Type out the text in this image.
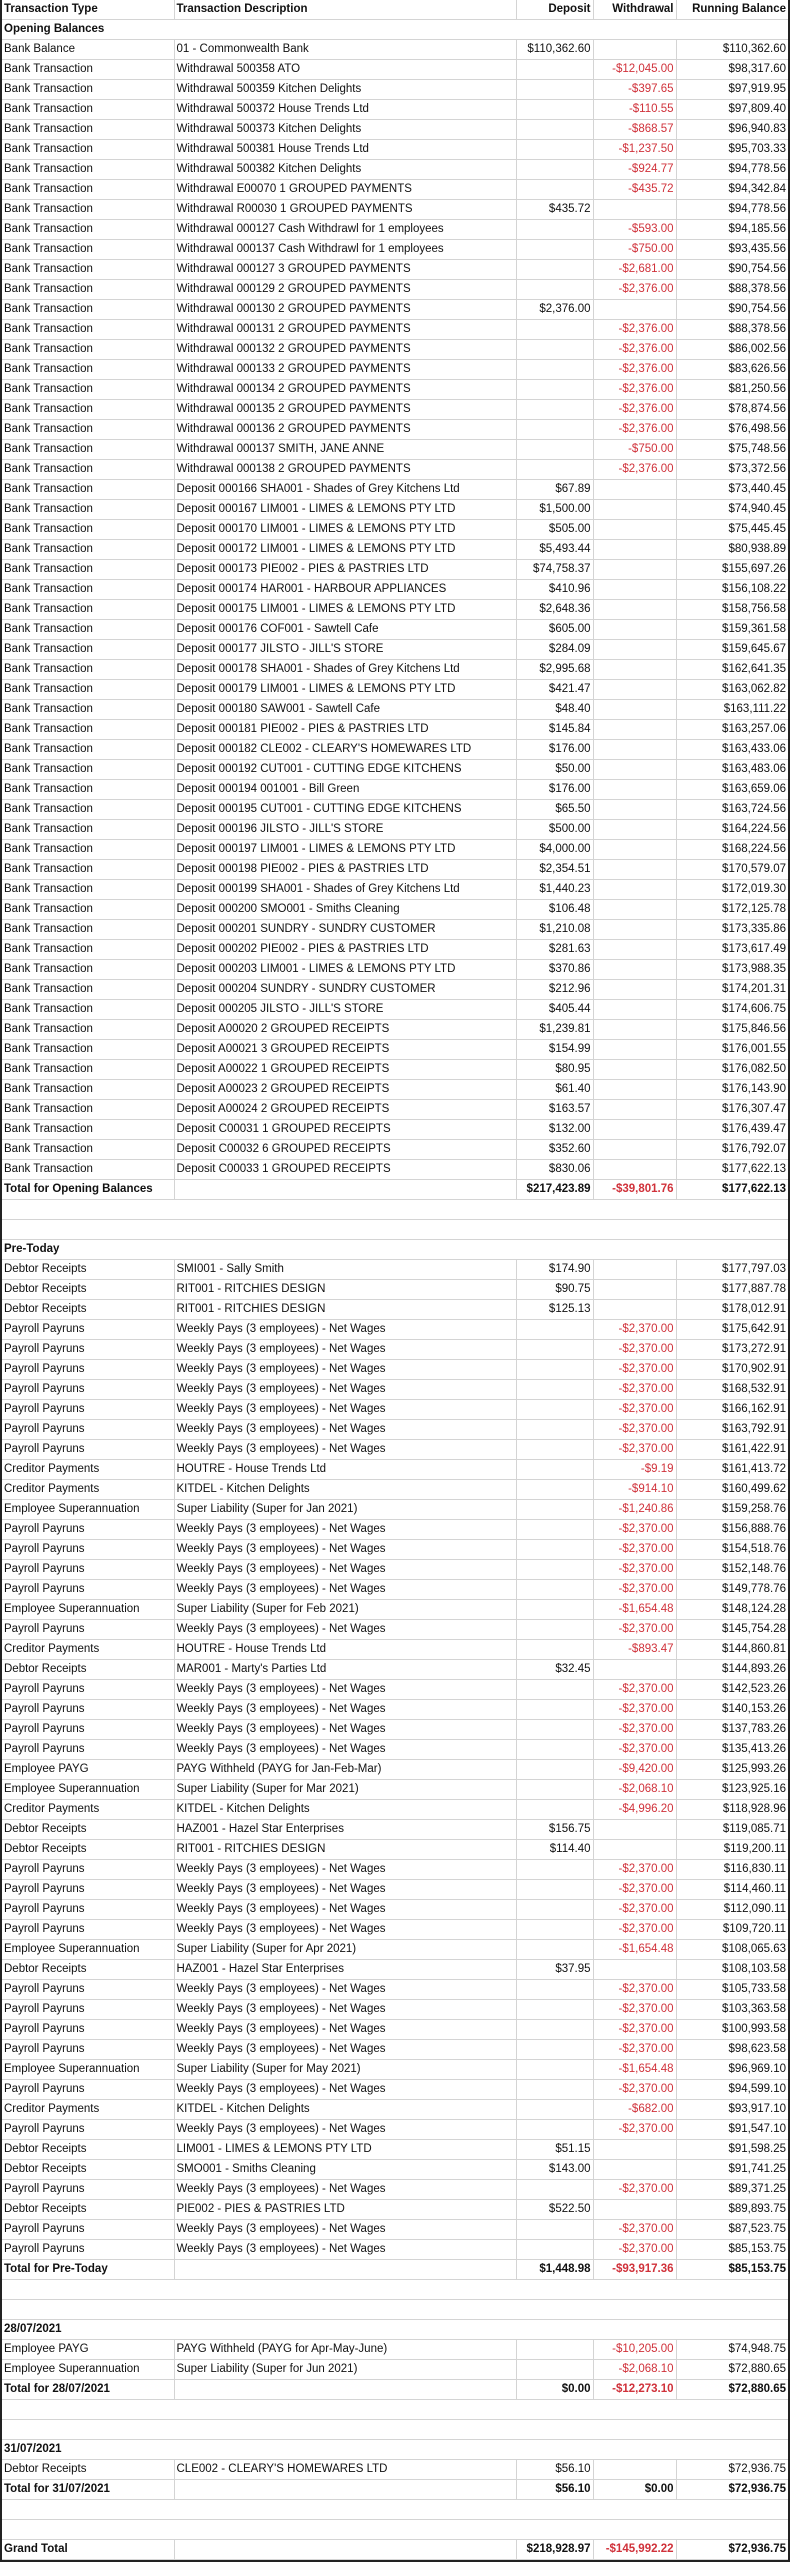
Transaction Type	Transaction Description	Deposit	Withdrawal	Running Balance
Opening Balances				
Bank Balance	01 - Commonwealth Bank	$110,362.60		$110,362.60
Bank Transaction	Withdrawal 500358 ATO		-$12,045.00	$98,317.60
Bank Transaction	Withdrawal 500359 Kitchen Delights		-$397.65	$97,919.95
Bank Transaction	Withdrawal 500372 House Trends Ltd		-$110.55	$97,809.40
Bank Transaction	Withdrawal 500373 Kitchen Delights		-$868.57	$96,940.83
Bank Transaction	Withdrawal 500381 House Trends Ltd		-$1,237.50	$95,703.33
Bank Transaction	Withdrawal 500382 Kitchen Delights		-$924.77	$94,778.56
Bank Transaction	Withdrawal E00070 1 GROUPED PAYMENTS		-$435.72	$94,342.84
Bank Transaction	Withdrawal R00030 1 GROUPED PAYMENTS	$435.72		$94,778.56
Bank Transaction	Withdrawal 000127 Cash Withdrawl for 1 employees		-$593.00	$94,185.56
Bank Transaction	Withdrawal 000137 Cash Withdrawl for 1 employees		-$750.00	$93,435.56
Bank Transaction	Withdrawal 000127 3 GROUPED PAYMENTS		-$2,681.00	$90,754.56
Bank Transaction	Withdrawal 000129 2 GROUPED PAYMENTS		-$2,376.00	$88,378.56
Bank Transaction	Withdrawal 000130 2 GROUPED PAYMENTS	$2,376.00		$90,754.56
Bank Transaction	Withdrawal 000131 2 GROUPED PAYMENTS		-$2,376.00	$88,378.56
Bank Transaction	Withdrawal 000132 2 GROUPED PAYMENTS		-$2,376.00	$86,002.56
Bank Transaction	Withdrawal 000133 2 GROUPED PAYMENTS		-$2,376.00	$83,626.56
Bank Transaction	Withdrawal 000134 2 GROUPED PAYMENTS		-$2,376.00	$81,250.56
Bank Transaction	Withdrawal 000135 2 GROUPED PAYMENTS		-$2,376.00	$78,874.56
Bank Transaction	Withdrawal 000136 2 GROUPED PAYMENTS		-$2,376.00	$76,498.56
Bank Transaction	Withdrawal 000137 SMITH, JANE ANNE		-$750.00	$75,748.56
Bank Transaction	Withdrawal 000138 2 GROUPED PAYMENTS		-$2,376.00	$73,372.56
Bank Transaction	Deposit 000166 SHA001 - Shades of Grey Kitchens Ltd	$67.89		$73,440.45
Bank Transaction	Deposit 000167 LIM001 - LIMES & LEMONS PTY LTD	$1,500.00		$74,940.45
Bank Transaction	Deposit 000170 LIM001 - LIMES & LEMONS PTY LTD	$505.00		$75,445.45
Bank Transaction	Deposit 000172 LIM001 - LIMES & LEMONS PTY LTD	$5,493.44		$80,938.89
Bank Transaction	Deposit 000173 PIE002 - PIES & PASTRIES LTD	$74,758.37		$155,697.26
Bank Transaction	Deposit 000174 HAR001 - HARBOUR APPLIANCES	$410.96		$156,108.22
Bank Transaction	Deposit 000175 LIM001 - LIMES & LEMONS PTY LTD	$2,648.36		$158,756.58
Bank Transaction	Deposit 000176 COF001 - Sawtell Cafe	$605.00		$159,361.58
Bank Transaction	Deposit 000177 JILSTO - JILL'S STORE	$284.09		$159,645.67
Bank Transaction	Deposit 000178 SHA001 - Shades of Grey Kitchens Ltd	$2,995.68		$162,641.35
Bank Transaction	Deposit 000179 LIM001 - LIMES & LEMONS PTY LTD	$421.47		$163,062.82
Bank Transaction	Deposit 000180 SAW001 - Sawtell Cafe	$48.40		$163,111.22
Bank Transaction	Deposit 000181 PIE002 - PIES & PASTRIES LTD	$145.84		$163,257.06
Bank Transaction	Deposit 000182 CLE002 - CLEARY'S HOMEWARES LTD	$176.00		$163,433.06
Bank Transaction	Deposit 000192 CUT001 - CUTTING EDGE KITCHENS	$50.00		$163,483.06
Bank Transaction	Deposit 000194 001001 - Bill Green	$176.00		$163,659.06
Bank Transaction	Deposit 000195 CUT001 - CUTTING EDGE KITCHENS	$65.50		$163,724.56
Bank Transaction	Deposit 000196 JILSTO - JILL'S STORE	$500.00		$164,224.56
Bank Transaction	Deposit 000197 LIM001 - LIMES & LEMONS PTY LTD	$4,000.00		$168,224.56
Bank Transaction	Deposit 000198 PIE002 - PIES & PASTRIES LTD	$2,354.51		$170,579.07
Bank Transaction	Deposit 000199 SHA001 - Shades of Grey Kitchens Ltd	$1,440.23		$172,019.30
Bank Transaction	Deposit 000200 SMO001 - Smiths Cleaning	$106.48		$172,125.78
Bank Transaction	Deposit 000201 SUNDRY - SUNDRY CUSTOMER	$1,210.08		$173,335.86
Bank Transaction	Deposit 000202 PIE002 - PIES & PASTRIES LTD	$281.63		$173,617.49
Bank Transaction	Deposit 000203 LIM001 - LIMES & LEMONS PTY LTD	$370.86		$173,988.35
Bank Transaction	Deposit 000204 SUNDRY - SUNDRY CUSTOMER	$212.96		$174,201.31
Bank Transaction	Deposit 000205 JILSTO - JILL'S STORE	$405.44		$174,606.75
Bank Transaction	Deposit A00020 2 GROUPED RECEIPTS	$1,239.81		$175,846.56
Bank Transaction	Deposit A00021 3 GROUPED RECEIPTS	$154.99		$176,001.55
Bank Transaction	Deposit A00022 1 GROUPED RECEIPTS	$80.95		$176,082.50
Bank Transaction	Deposit A00023 2 GROUPED RECEIPTS	$61.40		$176,143.90
Bank Transaction	Deposit A00024 2 GROUPED RECEIPTS	$163.57		$176,307.47
Bank Transaction	Deposit C00031 1 GROUPED RECEIPTS	$132.00		$176,439.47
Bank Transaction	Deposit C00032 6 GROUPED RECEIPTS	$352.60		$176,792.07
Bank Transaction	Deposit C00033 1 GROUPED RECEIPTS	$830.06		$177,622.13
Total for Opening Balances		$217,423.89	-$39,801.76	$177,622.13

Pre-Today				
Debtor Receipts	SMI001 - Sally Smith	$174.90		$177,797.03
Debtor Receipts	RIT001 - RITCHIES DESIGN	$90.75		$177,887.78
Debtor Receipts	RIT001 - RITCHIES DESIGN	$125.13		$178,012.91
Payroll Payruns	Weekly Pays (3 employees) - Net Wages		-$2,370.00	$175,642.91
Payroll Payruns	Weekly Pays (3 employees) - Net Wages		-$2,370.00	$173,272.91
Payroll Payruns	Weekly Pays (3 employees) - Net Wages		-$2,370.00	$170,902.91
Payroll Payruns	Weekly Pays (3 employees) - Net Wages		-$2,370.00	$168,532.91
Payroll Payruns	Weekly Pays (3 employees) - Net Wages		-$2,370.00	$166,162.91
Payroll Payruns	Weekly Pays (3 employees) - Net Wages		-$2,370.00	$163,792.91
Payroll Payruns	Weekly Pays (3 employees) - Net Wages		-$2,370.00	$161,422.91
Creditor Payments	HOUTRE - House Trends Ltd		-$9.19	$161,413.72
Creditor Payments	KITDEL - Kitchen Delights		-$914.10	$160,499.62
Employee Superannuation	Super Liability (Super for Jan 2021)		-$1,240.86	$159,258.76
Payroll Payruns	Weekly Pays (3 employees) - Net Wages		-$2,370.00	$156,888.76
Payroll Payruns	Weekly Pays (3 employees) - Net Wages		-$2,370.00	$154,518.76
Payroll Payruns	Weekly Pays (3 employees) - Net Wages		-$2,370.00	$152,148.76
Payroll Payruns	Weekly Pays (3 employees) - Net Wages		-$2,370.00	$149,778.76
Employee Superannuation	Super Liability (Super for Feb 2021)		-$1,654.48	$148,124.28
Payroll Payruns	Weekly Pays (3 employees) - Net Wages		-$2,370.00	$145,754.28
Creditor Payments	HOUTRE - House Trends Ltd		-$893.47	$144,860.81
Debtor Receipts	MAR001 - Marty's Parties Ltd	$32.45		$144,893.26
Payroll Payruns	Weekly Pays (3 employees) - Net Wages		-$2,370.00	$142,523.26
Payroll Payruns	Weekly Pays (3 employees) - Net Wages		-$2,370.00	$140,153.26
Payroll Payruns	Weekly Pays (3 employees) - Net Wages		-$2,370.00	$137,783.26
Payroll Payruns	Weekly Pays (3 employees) - Net Wages		-$2,370.00	$135,413.26
Employee PAYG	PAYG Withheld (PAYG for Jan-Feb-Mar)		-$9,420.00	$125,993.26
Employee Superannuation	Super Liability (Super for Mar 2021)		-$2,068.10	$123,925.16
Creditor Payments	KITDEL - Kitchen Delights		-$4,996.20	$118,928.96
Debtor Receipts	HAZ001 - Hazel Star Enterprises	$156.75		$119,085.71
Debtor Receipts	RIT001 - RITCHIES DESIGN	$114.40		$119,200.11
Payroll Payruns	Weekly Pays (3 employees) - Net Wages		-$2,370.00	$116,830.11
Payroll Payruns	Weekly Pays (3 employees) - Net Wages		-$2,370.00	$114,460.11
Payroll Payruns	Weekly Pays (3 employees) - Net Wages		-$2,370.00	$112,090.11
Payroll Payruns	Weekly Pays (3 employees) - Net Wages		-$2,370.00	$109,720.11
Employee Superannuation	Super Liability (Super for Apr 2021)		-$1,654.48	$108,065.63
Debtor Receipts	HAZ001 - Hazel Star Enterprises	$37.95		$108,103.58
Payroll Payruns	Weekly Pays (3 employees) - Net Wages		-$2,370.00	$105,733.58
Payroll Payruns	Weekly Pays (3 employees) - Net Wages		-$2,370.00	$103,363.58
Payroll Payruns	Weekly Pays (3 employees) - Net Wages		-$2,370.00	$100,993.58
Payroll Payruns	Weekly Pays (3 employees) - Net Wages		-$2,370.00	$98,623.58
Employee Superannuation	Super Liability (Super for May 2021)		-$1,654.48	$96,969.10
Payroll Payruns	Weekly Pays (3 employees) - Net Wages		-$2,370.00	$94,599.10
Creditor Payments	KITDEL - Kitchen Delights		-$682.00	$93,917.10
Payroll Payruns	Weekly Pays (3 employees) - Net Wages		-$2,370.00	$91,547.10
Debtor Receipts	LIM001 - LIMES & LEMONS PTY LTD	$51.15		$91,598.25
Debtor Receipts	SMO001 - Smiths Cleaning	$143.00		$91,741.25
Payroll Payruns	Weekly Pays (3 employees) - Net Wages		-$2,370.00	$89,371.25
Debtor Receipts	PIE002 - PIES & PASTRIES LTD	$522.50		$89,893.75
Payroll Payruns	Weekly Pays (3 employees) - Net Wages		-$2,370.00	$87,523.75
Payroll Payruns	Weekly Pays (3 employees) - Net Wages		-$2,370.00	$85,153.75
Total for Pre-Today		$1,448.98	-$93,917.36	$85,153.75

28/07/2021				
Employee PAYG	PAYG Withheld (PAYG for Apr-May-June)		-$10,205.00	$74,948.75
Employee Superannuation	Super Liability (Super for Jun 2021)		-$2,068.10	$72,880.65
Total for 28/07/2021		$0.00	-$12,273.10	$72,880.65

31/07/2021				
Debtor Receipts	CLE002 - CLEARY'S HOMEWARES LTD	$56.10		$72,936.75
Total for 31/07/2021		$56.10	$0.00	$72,936.75

Grand Total		$218,928.97	-$145,992.22	$72,936.75
